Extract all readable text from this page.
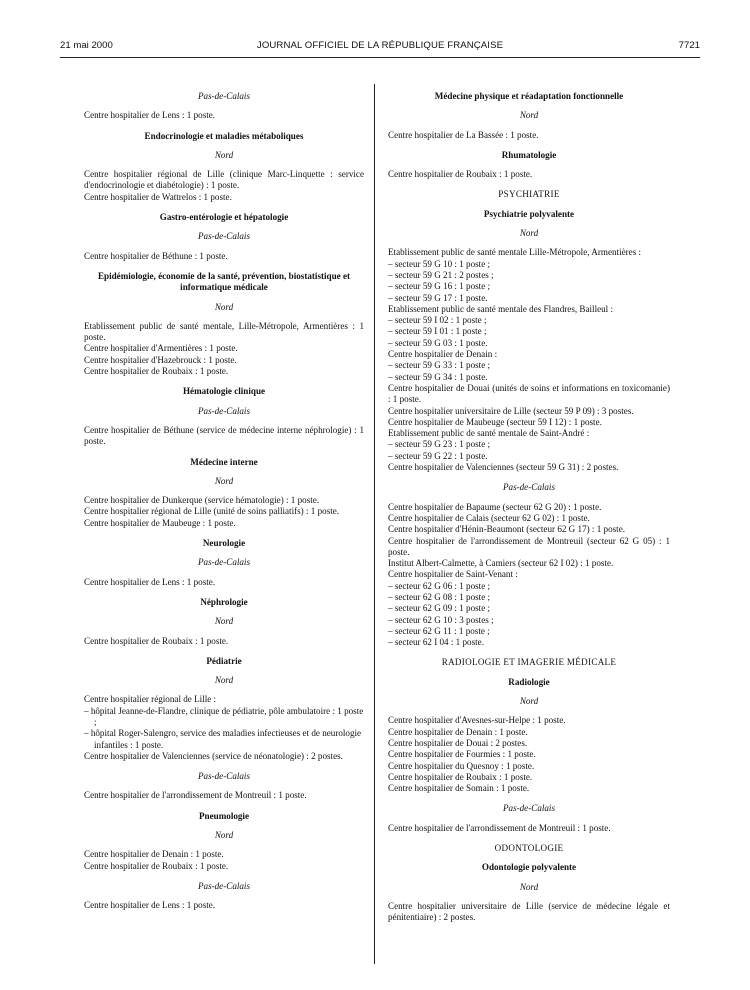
21 mai 2000	JOURNAL OFFICIEL DE LA RÉPUBLIQUE FRANÇAISE	7721

Pas-de-Calais

Centre hospitalier de Lens : 1 poste.

Endocrinologie et maladies métaboliques

Nord

Centre hospitalier régional de Lille (clinique Marc-Linquette : service d'endocrinologie et diabétologie) : 1 poste.

Centre hospitalier de Wattrelos : 1 poste.

Gastro-entérologie et hépatologie

Pas-de-Calais

Centre hospitalier de Béthune : 1 poste.

Epidémiologie, économie de la santé, prévention, biostatistique et informatique médicale

Nord

Etablissement public de santé mentale, Lille-Métropole, Armentières : 1 poste.

Centre hospitalier d'Armentières : 1 poste.

Centre hospitalier d'Hazebrouck : 1 poste.

Centre hospitalier de Roubaix : 1 poste.

Hématologie clinique

Pas-de-Calais

Centre hospitalier de Béthune (service de médecine interne néphrologie) : 1 poste.

Médecine interne

Nord

Centre hospitalier de Dunkerque (service hématologie) : 1 poste.

Centre hospitalier régional de Lille (unité de soins palliatifs) : 1 poste.

Centre hospitalier de Maubeuge : 1 poste.

Neurologie

Pas-de-Calais

Centre hospitalier de Lens : 1 poste.

Néphrologie

Nord

Centre hospitalier de Roubaix : 1 poste.

Pédiatrie

Nord

Centre hospitalier régional de Lille :

– hôpital Jeanne-de-Flandre, clinique de pédiatrie, pôle ambulatoire : 1 poste ;

– hôpital Roger-Salengro, service des maladies infectieuses et de neurologie infantiles : 1 poste.

Centre hospitalier de Valenciennes (service de néonatologie) : 2 postes.

Pas-de-Calais

Centre hospitalier de l'arrondissement de Montreuil : 1 poste.

Pneumologie

Nord

Centre hospitalier de Denain : 1 poste.

Centre hospitalier de Roubaix : 1 poste.

Pas-de-Calais

Centre hospitalier de Lens : 1 poste.

Médecine physique et réadaptation fonctionnelle

Nord

Centre hospitalier de La Bassée : 1 poste.

Rhumatologie

Centre hospitalier de Roubaix : 1 poste.

PSYCHIATRIE

Psychiatrie polyvalente

Nord

Etablissement public de santé mentale Lille-Métropole, Armentières :

– secteur 59 G 10 : 1 poste ;

– secteur 59 G 21 : 2 postes ;

– secteur 59 G 16 : 1 poste ;

– secteur 59 G 17 : 1 poste.

Etablissement public de santé mentale des Flandres, Bailleul :

– secteur 59 I 02 : 1 poste ;

– secteur 59 I 01 : 1 poste ;

– secteur 59 G 03 : 1 poste.

Centre hospitalier de Denain :

– secteur 59 G 33 : 1 poste ;

– secteur 59 G 34 : 1 poste.

Centre hospitalier de Douai (unités de soins et informations en toxicomanie) : 1 poste.

Centre hospitalier universitaire de Lille (secteur 59 P 09) : 3 postes.

Centre hospitalier de Maubeuge (secteur 59 I 12) : 1 poste.

Etablissement public de santé mentale de Saint-André :

– secteur 59 G 23 : 1 poste ;

– secteur 59 G 22 : 1 poste.

Centre hospitalier de Valenciennes (secteur 59 G 31) : 2 postes.

Pas-de-Calais

Centre hospitalier de Bapaume (secteur 62 G 20) : 1 poste.

Centre hospitalier de Calais (secteur 62 G 02) : 1 poste.

Centre hospitalier d'Hénin-Beaumont (secteur 62 G 17) : 1 poste.

Centre hospitalier de l'arrondissement de Montreuil (secteur 62 G 05) : 1 poste.

Institut Albert-Calmette, à Camiers (secteur 62 I 02) : 1 poste.

Centre hospitalier de Saint-Venant :

– secteur 62 G 06 : 1 poste ;

– secteur 62 G 08 : 1 poste ;

– secteur 62 G 09 : 1 poste ;

– secteur 62 G 10 : 3 postes ;

– secteur 62 G 11 : 1 poste ;

– secteur 62 I 04 : 1 poste.

RADIOLOGIE ET IMAGERIE MÉDICALE

Radiologie

Nord

Centre hospitalier d'Avesnes-sur-Helpe : 1 poste.

Centre hospitalier de Denain : 1 poste.

Centre hospitalier de Douai : 2 postes.

Centre hospitalier de Fourmies : 1 poste.

Centre hospitalier du Quesnoy : 1 poste.

Centre hospitalier de Roubaix : 1 poste.

Centre hospitalier de Somain : 1 poste.

Pas-de-Calais

Centre hospitalier de l'arrondissement de Montreuil : 1 poste.

ODONTOLOGIE

Odontologie polyvalente

Nord

Centre hospitalier universitaire de Lille (service de médecine légale et pénitentiaire) : 2 postes.
